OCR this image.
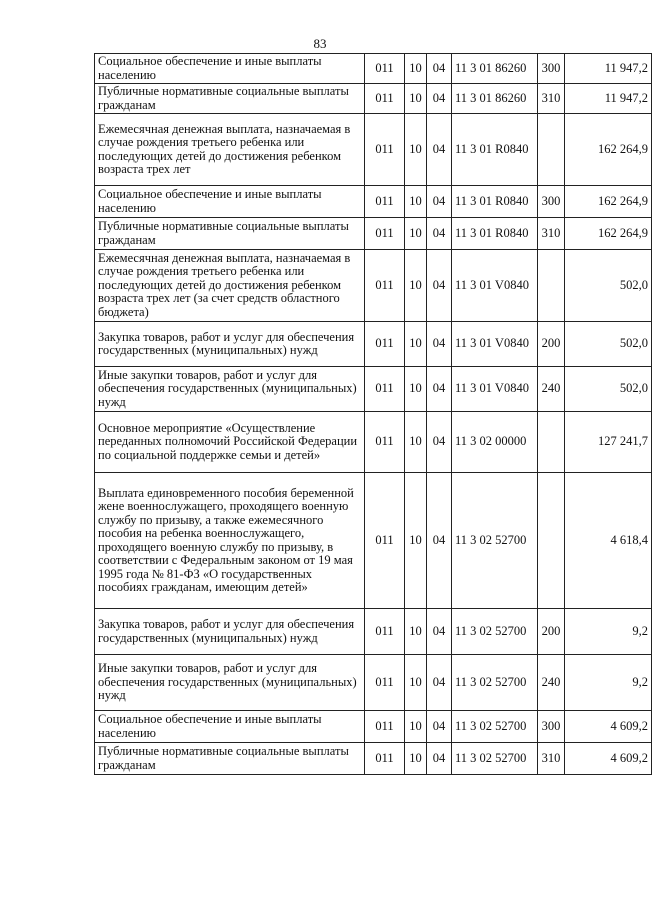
83
Социальное обеспечение и иные выплаты населению	011	10	04	11 3 01 86260	300	11 947,2
Публичные нормативные социальные выплаты гражданам	011	10	04	11 3 01 86260	310	11 947,2
Ежемесячная денежная выплата, назначаемая в случае рождения третьего ребенка или последующих детей до достижения ребенком возраста трех лет	011	10	04	11 3 01 R0840		162 264,9
Социальное обеспечение и иные выплаты населению	011	10	04	11 3 01 R0840	300	162 264,9
Публичные нормативные социальные выплаты гражданам	011	10	04	11 3 01 R0840	310	162 264,9
Ежемесячная денежная выплата, назначаемая в случае рождения третьего ребенка или последующих детей до достижения ребенком возраста трех лет (за счет средств областного бюджета)	011	10	04	11 3 01 V0840		502,0
Закупка товаров, работ и услуг для обеспечения государственных (муниципальных) нужд	011	10	04	11 3 01 V0840	200	502,0
Иные закупки товаров, работ и услуг для обеспечения государственных (муниципальных) нужд	011	10	04	11 3 01 V0840	240	502,0
Основное мероприятие «Осуществление переданных полномочий Российской Федерации по социальной поддержке семьи и детей»	011	10	04	11 3 02 00000		127 241,7
Выплата единовременного пособия беременной жене военнослужащего, проходящего военную службу по призыву, а также ежемесячного пособия на ребенка военнослужащего, проходящего военную службу по призыву, в соответствии с Федеральным законом от 19 мая 1995 года № 81-ФЗ «О государственных пособиях гражданам, имеющим детей»	011	10	04	11 3 02 52700		4 618,4
Закупка товаров, работ и услуг для обеспечения государственных (муниципальных) нужд	011	10	04	11 3 02 52700	200	9,2
Иные закупки товаров, работ и услуг для обеспечения государственных (муниципальных) нужд	011	10	04	11 3 02 52700	240	9,2
Социальное обеспечение и иные выплаты населению	011	10	04	11 3 02 52700	300	4 609,2
Публичные нормативные социальные выплаты гражданам	011	10	04	11 3 02 52700	310	4 609,2
